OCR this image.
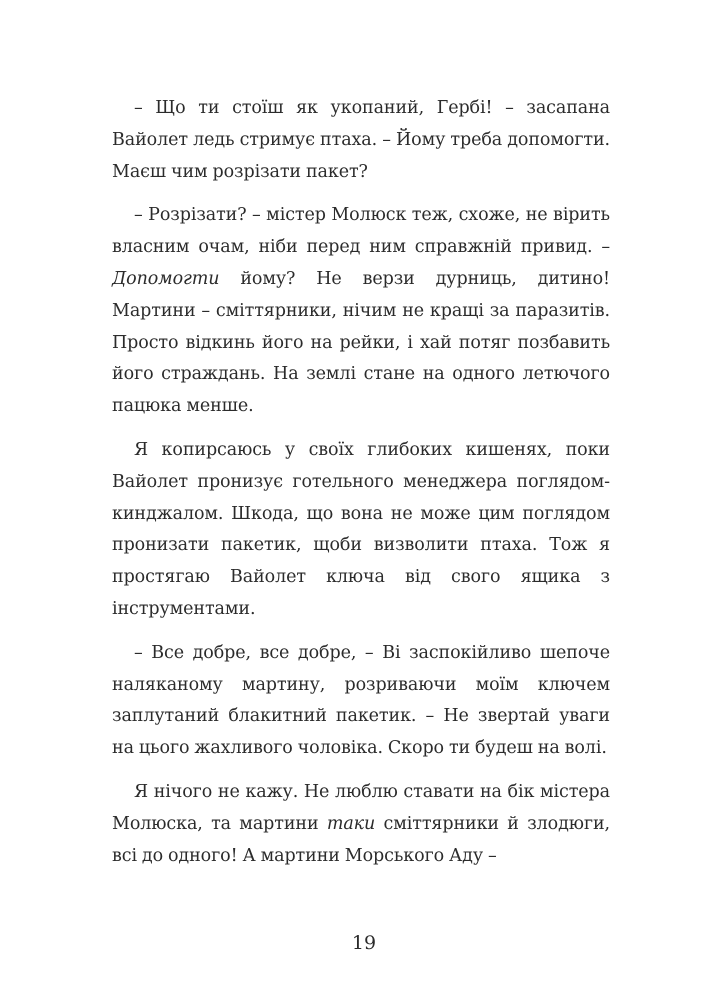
– Що ти стоїш як укопаний, Гербі! – засапана Вайолет ледь стримує птаха. – Йому треба допомогти. Маєш чим розрізати пакет?

– Розрізати? – містер Молюск теж, схоже, не вірить власним очам, ніби перед ним справжній привид. – Допомогти йому? Не верзи дурниць, дитино! Мартини – сміттярники, нічим не кращі за паразитів. Просто відкинь його на рейки, і хай потяг позбавить його страждань. На землі стане на одного летючого пацюка менше.

Я копирсаюсь у своїх глибоких кишенях, поки Вайолет пронизує готельного менеджера поглядом-кинджалом. Шкода, що вона не може цим поглядом пронизати пакетик, щоби визволити птаха. Тож я простягаю Вайолет ключа від свого ящика з інструментами.

– Все добре, все добре, – Ві заспокійливо шепоче наляканому мартину, розриваючи моїм ключем заплутаний блакитний пакетик. – Не звертай уваги на цього жахливого чоловіка. Скоро ти будеш на волі.

Я нічого не кажу. Не люблю ставати на бік містера Молюска, та мартини таки сміттярники й злодюги, всі до одного! А мартини Морського Аду –

19
